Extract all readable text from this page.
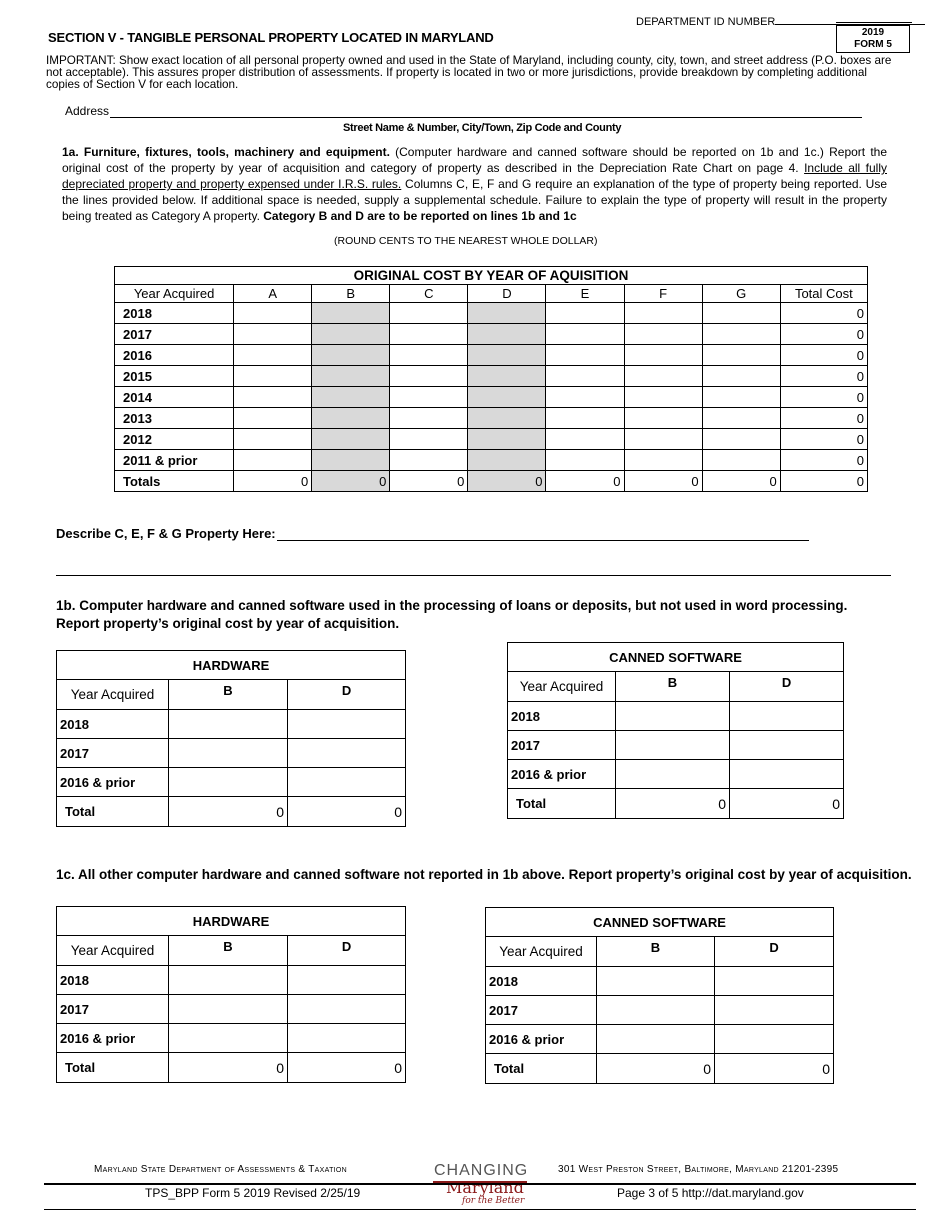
DEPARTMENT ID NUMBER
2019
FORM 5
SECTION V - TANGIBLE PERSONAL PROPERTY LOCATED IN MARYLAND
IMPORTANT: Show exact location of all personal property owned and used in the State of Maryland, including county, city, town, and street address (P.O. boxes are not acceptable). This assures proper distribution of assessments. If property is located in two or more jurisdictions, provide breakdown by completing additional copies of Section V for each location.
Address
Street Name & Number, City/Town, Zip Code and County
1a. Furniture, fixtures, tools, machinery and equipment. (Computer hardware and canned software should be reported on 1b and 1c.) Report the original cost of the property by year of acquisition and category of property as described in the Depreciation Rate Chart on page 4. Include all fully depreciated property and property expensed under I.R.S. rules. Columns C, E, F and G require an explanation of the type of property being reported. Use the lines provided below. If additional space is needed, supply a supplemental schedule. Failure to explain the type of property will result in the property being treated as Category A property. Category B and D are to be reported on lines 1b and 1c
(ROUND CENTS TO THE NEAREST WHOLE DOLLAR)
ORIGINAL COST BY YEAR OF AQUISITION								
Year Acquired	A	B	C	D	E	F	G	Total Cost
2018								0
2017								0
2016								0
2015								0
2014								0
2013								0
2012								0
2011 & prior								0
Totals	0	0	0	0	0	0	0	0
Describe C, E, F & G Property Here:
1b. Computer hardware and canned software used in the processing of loans or deposits, but not used in word processing. Report property’s original cost by year of acquisition.
HARDWARE		
Year Acquired	B	D
2018		
2017		
2016 & prior		
Total	0	0
CANNED SOFTWARE		
Year Acquired	B	D
2018		
2017		
2016 & prior		
Total	0	0
1c. All other computer hardware and canned software not reported in 1b above. Report property’s original cost by year of acquisition.
HARDWARE		
Year Acquired	B	D
2018		
2017		
2016 & prior		
Total	0	0
CANNED SOFTWARE		
Year Acquired	B	D
2018		
2017		
2016 & prior		
Total	0	0
Maryland State Department of Assessments & Taxation	301 West Preston Street, Baltimore, Maryland 21201-2395
CHANGING
Maryland
for the Better
TPS_BPP Form 5 2019 Revised 2/25/19	Page 3 of 5 http://dat.maryland.gov
